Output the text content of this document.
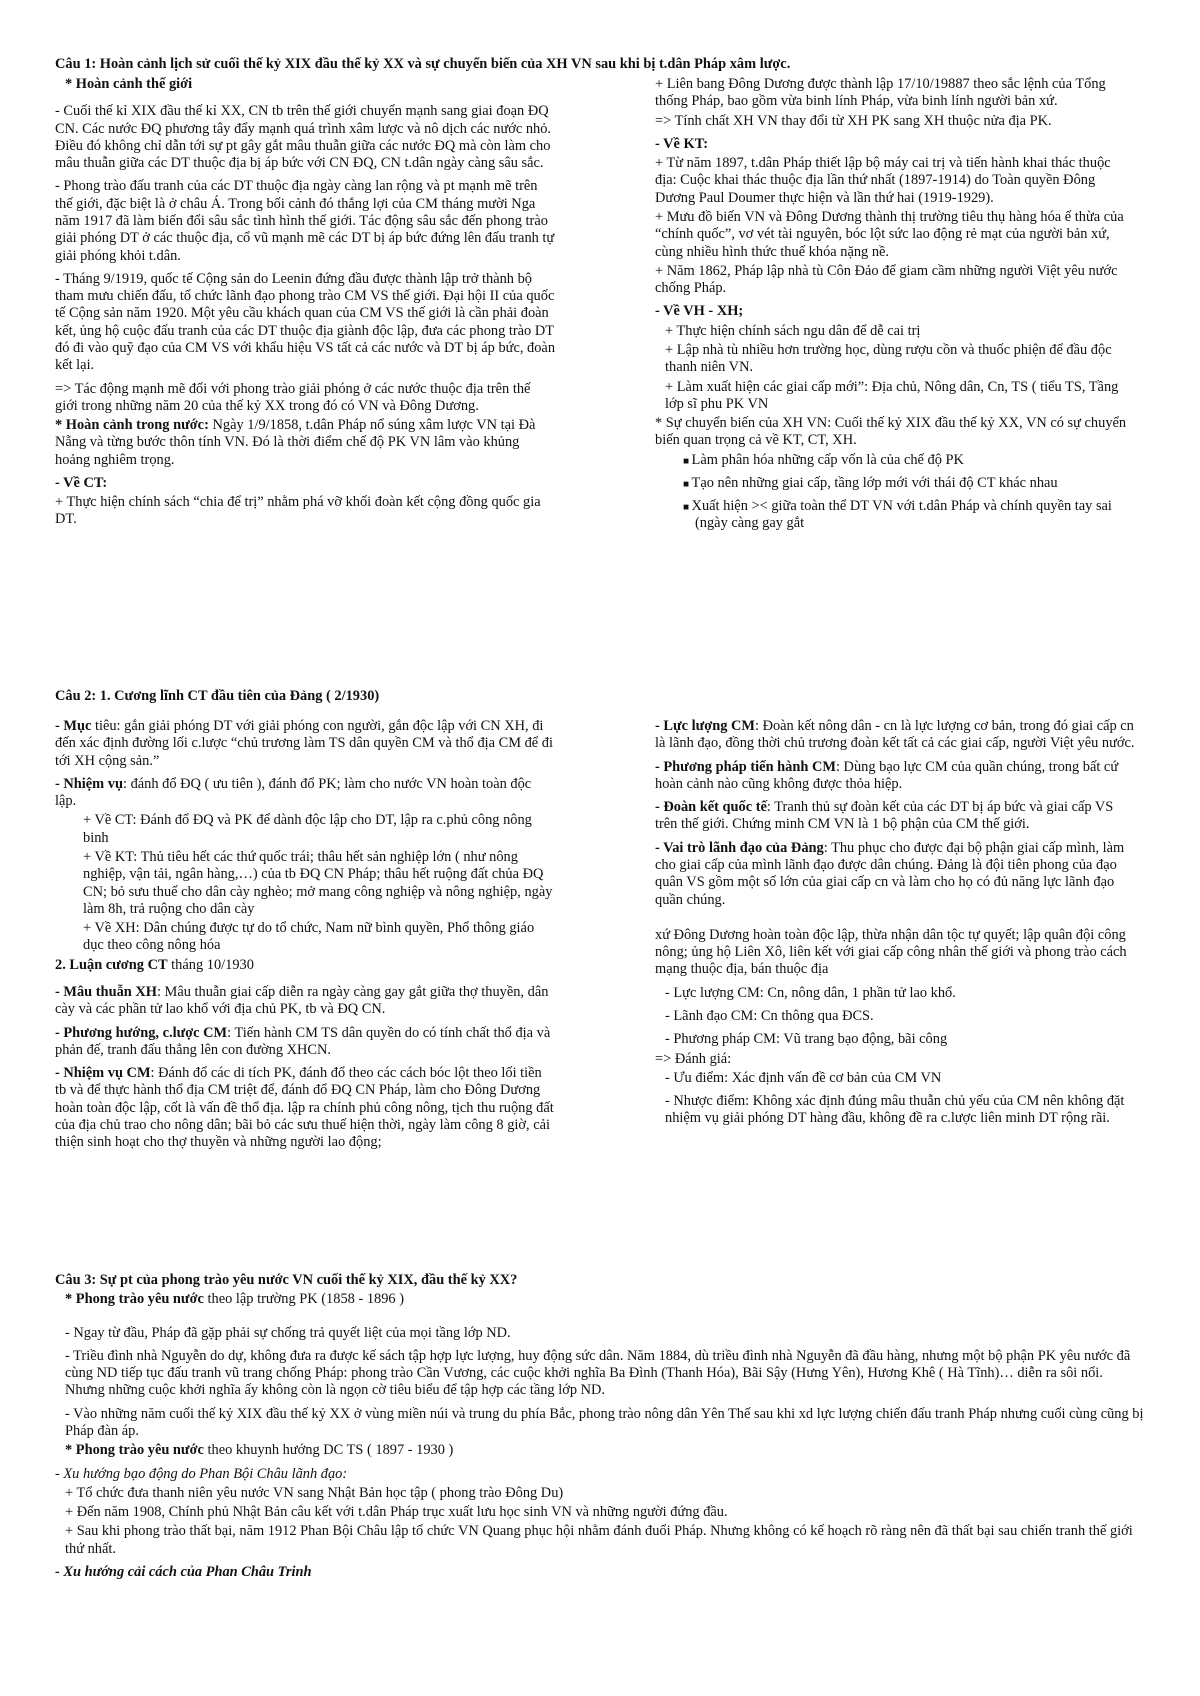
Câu 1: Hoàn cảnh lịch sử cuối thế kỷ XIX đầu thế kỷ XX và sự chuyển biến của XH VN sau khi bị t.dân Pháp xâm lược.

* Hoàn cảnh thế giới

- Cuối thế kỉ XIX đầu thế kỉ XX, CN tb trên thế giới chuyển mạnh sang giai đoạn ĐQ CN. Các nước ĐQ phương tây đẩy mạnh quá trình xâm lược và nô dịch các nước nhỏ. Điều đó không chỉ dẫn tới sự pt gây gắt mâu thuẫn giữa các nước ĐQ mà còn làm cho mâu thuẫn giữa các DT thuộc địa bị áp bức với CN ĐQ, CN t.dân ngày càng sâu sắc.

- Phong trào đấu tranh của các DT thuộc địa ngày càng lan rộng và pt mạnh mẽ trên thế giới, đặc biệt là ở châu Á. Trong bối cảnh đó thắng lợi của CM tháng mười Nga năm 1917 đã làm biến đổi sâu sắc tình hình thế giới. Tác động sâu sắc đến phong trào giải phóng DT ở các thuộc địa, cổ vũ mạnh mẽ các DT bị áp bức đứng lên đấu tranh tự giải phóng khỏi t.dân.

- Tháng 9/1919, quốc tế Cộng sản do Leenin đứng đầu được thành lập trở thành bộ tham mưu chiến đấu, tổ chức lãnh đạo phong trào CM VS thế giới. Đại hội II của quốc tế Cộng sản năm 1920. Một yêu cầu khách quan của CM VS thế giới là cần phải đoàn kết, ủng hộ cuộc đấu tranh của các DT thuộc địa giành độc lập, đưa các phong trào DT đó đi vào quỹ đạo của CM VS với khẩu hiệu VS tất cả các nước và DT bị áp bức, đoàn kết lại.

=> Tác động mạnh mẽ đối với phong trào giải phóng ở các nước thuộc địa trên thế giới trong những năm 20 của thế kỷ XX trong đó có VN và Đông Dương.

* Hoàn cảnh trong nước: Ngày 1/9/1858, t.dân Pháp nổ súng xâm lược VN tại Đà Nẵng và từng bước thôn tính VN. Đó là thời điểm chế độ PK VN lâm vào khủng hoảng nghiêm trọng.

- Về CT:

+ Thực hiện chính sách “chia để trị” nhằm phá vỡ khối đoàn kết cộng đồng quốc gia DT.

+ Liên bang Đông Dương được thành lập 17/10/19887 theo sắc lệnh của Tổng thống Pháp, bao gồm vừa binh lính Pháp, vừa binh lính người bản xứ.

=> Tính chất XH VN thay đổi từ XH PK sang XH thuộc nửa địa PK.

- Về KT:

+ Từ năm 1897, t.dân Pháp thiết lập bộ máy cai trị và tiến hành khai thác thuộc địa: Cuộc khai thác thuộc địa lần thứ nhất (1897-1914) do Toàn quyền Đông Dương Paul Doumer thực hiện và lần thứ hai (1919-1929).

+ Mưu đồ biến VN và Đông Dương thành thị trường tiêu thụ hàng hóa ế thừa của “chính quốc”, vơ vét tài nguyên, bóc lột sức lao động rẻ mạt của người bản xứ, cùng nhiều hình thức thuế khóa nặng nề.

+ Năm 1862, Pháp lập nhà tù Côn Đảo để giam cầm những người Việt yêu nước chống Pháp.

- Về VH - XH;

+ Thực hiện chính sách ngu dân để dễ cai trị

+ Lập nhà tù nhiều hơn trường học, dùng rượu cồn và thuốc phiện để đầu độc thanh niên VN.

+ Làm xuất hiện các giai cấp mới”: Địa chủ, Nông dân, Cn, TS ( tiểu TS, Tầng lớp sĩ phu PK VN

* Sự chuyển biến của XH VN: Cuối thế kỷ XIX đầu thế kỷ XX, VN có sự chuyển biến quan trọng cả về KT, CT, XH.

■ Làm phân hóa những cấp vốn là của chế độ PK

■ Tạo nên những giai cấp, tầng lớp mới với thái độ CT khác nhau

■ Xuất hiện >< giữa toàn thể DT VN với t.dân Pháp và chính quyền tay sai (ngày càng gay gắt

Câu 2: 1. Cương lĩnh CT đầu tiên của Đảng ( 2/1930)

- Mục tiêu: gắn giải phóng DT với giải phóng con người, gắn độc lập với CN XH, đi đến xác định đường lối c.lược “chủ trương làm TS dân quyền CM và thổ địa CM để đi tới XH cộng sản.”

- Nhiệm vụ: đánh đổ ĐQ ( ưu tiên ), đánh đổ PK; làm cho nước VN hoàn toàn độc lập.

+ Về CT: Đánh đổ ĐQ và PK để dành độc lập cho DT, lập ra c.phủ công nông binh

+ Về KT: Thủ tiêu hết các thứ quốc trái; thâu hết sản nghiệp lớn ( như nông nghiệp, vận tải, ngân hàng,…) của tb ĐQ CN Pháp; thâu hết ruộng đất chủa ĐQ CN; bỏ sưu thuế cho dân cày nghèo; mở mang công nghiệp và nông nghiệp, ngày làm 8h, trả ruộng cho dân cày

+ Về XH: Dân chúng được tự do tổ chức, Nam nữ bình quyền, Phổ thông giáo dục theo công nông hóa

2. Luận cương CT tháng 10/1930

- Mâu thuẫn XH: Mâu thuẫn giai cấp diễn ra ngày càng gay gắt giữa thợ thuyền, dân cày và các phần tử lao khổ với địa chủ PK, tb và ĐQ CN.

- Phương hướng, c.lược CM: Tiến hành CM TS dân quyền do có tính chất thổ địa và phản đế, tranh đấu thẳng lên con đường XHCN.

- Nhiệm vụ CM: Đánh đổ các di tích PK, đánh đổ theo các cách bóc lột theo lối tiền tb và để thực hành thổ địa CM triệt để, đánh đổ ĐQ CN Pháp, làm cho Đông Dương hoàn toàn độc lập, cốt là vấn đề thổ địa. lập ra chính phủ công nông, tịch thu ruộng đất của địa chủ trao cho nông dân; bãi bỏ các sưu thuế hiện thời, ngày làm công 8 giờ, cải thiện sinh hoạt cho thợ thuyền và những người lao động;

- Lực lượng CM: Đoàn kết nông dân - cn là lực lượng cơ bản, trong đó giai cấp cn là lãnh đạo, đồng thời chủ trương đoàn kết tất cả các giai cấp, người Việt yêu nước.

- Phương pháp tiến hành CM: Dùng bạo lực CM của quần chúng, trong bất cứ hoàn cảnh nào cũng không được thỏa hiệp.

- Đoàn kết quốc tế: Tranh thủ sự đoàn kết của các DT bị áp bức và giai cấp VS trên thế giới. Chứng minh CM VN là 1 bộ phận của CM thế giới.

- Vai trò lãnh đạo của Đảng: Thu phục cho được đại bộ phận giai cấp mình, làm cho giai cấp của mình lãnh đạo được dân chúng. Đảng là đội tiên phong của đạo quân VS gồm một số lớn của giai cấp cn và làm cho họ có đủ năng lực lãnh đạo quần chúng.

xứ Đông Dương hoàn toàn độc lập, thừa nhận dân tộc tự quyết; lập quân đội công nông; ủng hộ Liên Xô, liên kết với giai cấp công nhân thế giới và phong trào cách mạng thuộc địa, bán thuộc địa

- Lực lượng CM: Cn, nông dân, 1 phần tử lao khổ.

- Lãnh đạo CM: Cn thông qua ĐCS.

- Phương pháp CM: Vũ trang bạo động, bãi công

=> Đánh giá:

- Ưu điểm: Xác định vấn đề cơ bản của CM VN

- Nhược điểm: Không xác định đúng mâu thuẫn chủ yếu của CM nên không đặt nhiệm vụ giải phóng DT hàng đầu, không đề ra c.lược liên minh DT rộng rãi.

Câu 3: Sự pt của phong trào yêu nước VN cuối thế kỷ XIX, đầu thế kỷ XX?

* Phong trào yêu nước theo lập trường PK (1858 - 1896 )

- Ngay từ đầu, Pháp đã gặp phải sự chống trả quyết liệt của mọi tầng lớp ND.

- Triều đình nhà Nguyễn do dự, không đưa ra được kế sách tập hợp lực lượng, huy động sức dân. Năm 1884, dù triều đình nhà Nguyễn đã đầu hàng, nhưng một bộ phận PK yêu nước đã cùng ND tiếp tục đấu tranh vũ trang chống Pháp: phong trào Cần Vương, các cuộc khởi nghĩa Ba Đình (Thanh Hóa), Bãi Sậy (Hưng Yên), Hương Khê ( Hà Tĩnh)… diễn ra sôi nổi. Nhưng những cuộc khởi nghĩa ấy không còn là ngọn cờ tiêu biểu để tập hợp các tầng lớp ND.

- Vào những năm cuối thế kỷ XIX đầu thế kỷ XX ở vùng miền núi và trung du phía Bắc, phong trào nông dân Yên Thế sau khi xd lực lượng chiến đấu tranh Pháp nhưng cuối cùng cũng bị Pháp đàn áp.

* Phong trào yêu nước theo khuynh hướng DC TS ( 1897 - 1930 )

- Xu hướng bạo động do Phan Bội Châu lãnh đạo:

+ Tổ chức đưa thanh niên yêu nước VN sang Nhật Bản học tập ( phong trào Đông Du)

+ Đến năm 1908, Chính phủ Nhật Bản câu kết với t.dân Pháp trục xuất lưu học sinh VN và những người đứng đầu.

+ Sau khi phong trào thất bại, năm 1912 Phan Bội Châu lập tổ chức VN Quang phục hội nhằm đánh đuổi Pháp. Nhưng không có kế hoạch rõ ràng nên đã thất bại sau chiến tranh thế giới thứ nhất.

- Xu hướng cải cách của Phan Châu Trinh
